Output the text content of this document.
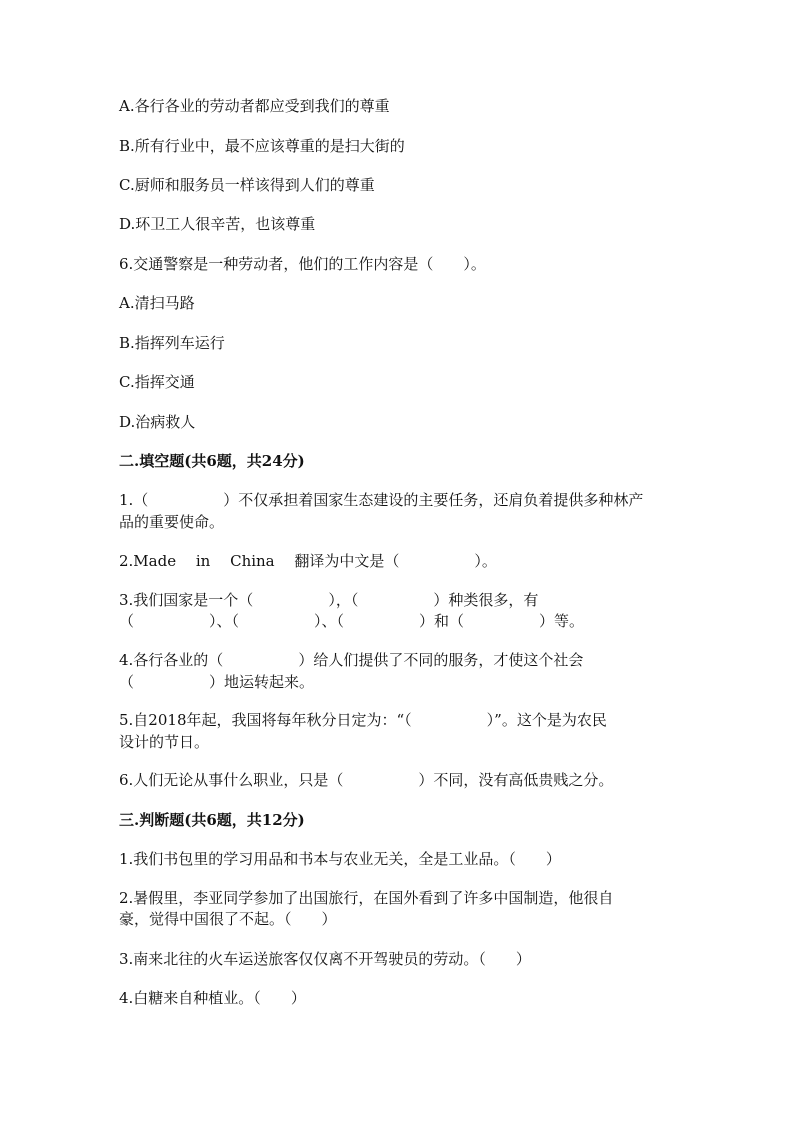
A.各行各业的劳动者都应受到我们的尊重
B.所有行业中，最不应该尊重的是扫大街的
C.厨师和服务员一样该得到人们的尊重
D.环卫工人很辛苦，也该尊重
6.交通警察是一种劳动者，他们的工作内容是（　　）。
A.清扫马路
B.指挥列车运行
C.指挥交通
D.治病救人
二.填空题(共6题，共24分)
1.（　　　　　）不仅承担着国家生态建设的主要任务，还肩负着提供多种林产
品的重要使命。
2.Made　 in　 China　 翻译为中文是（　　　　　）。
3.我们国家是一个（　　　　　），（　　　　　）种类很多，有
（　　　　　）、（　　　　　）、（　　　　　）和（　　　　　）等。
4.各行各业的（　　　　　）给人们提供了不同的服务，才使这个社会
（　　　　　）地运转起来。
5.自2018年起，我国将每年秋分日定为：“（　　　　　）”。这个是为农民
设计的节日。
6.人们无论从事什么职业，只是（　　　　　）不同，没有高低贵贱之分。
三.判断题(共6题，共12分)
1.我们书包里的学习用品和书本与农业无关，全是工业品。（　　）
2.暑假里，李亚同学参加了出国旅行，在国外看到了许多中国制造，他很自
豪，觉得中国很了不起。（　　）
3.南来北往的火车运送旅客仅仅离不开驾驶员的劳动。（　　）
4.白糖来自种植业。（　　）
